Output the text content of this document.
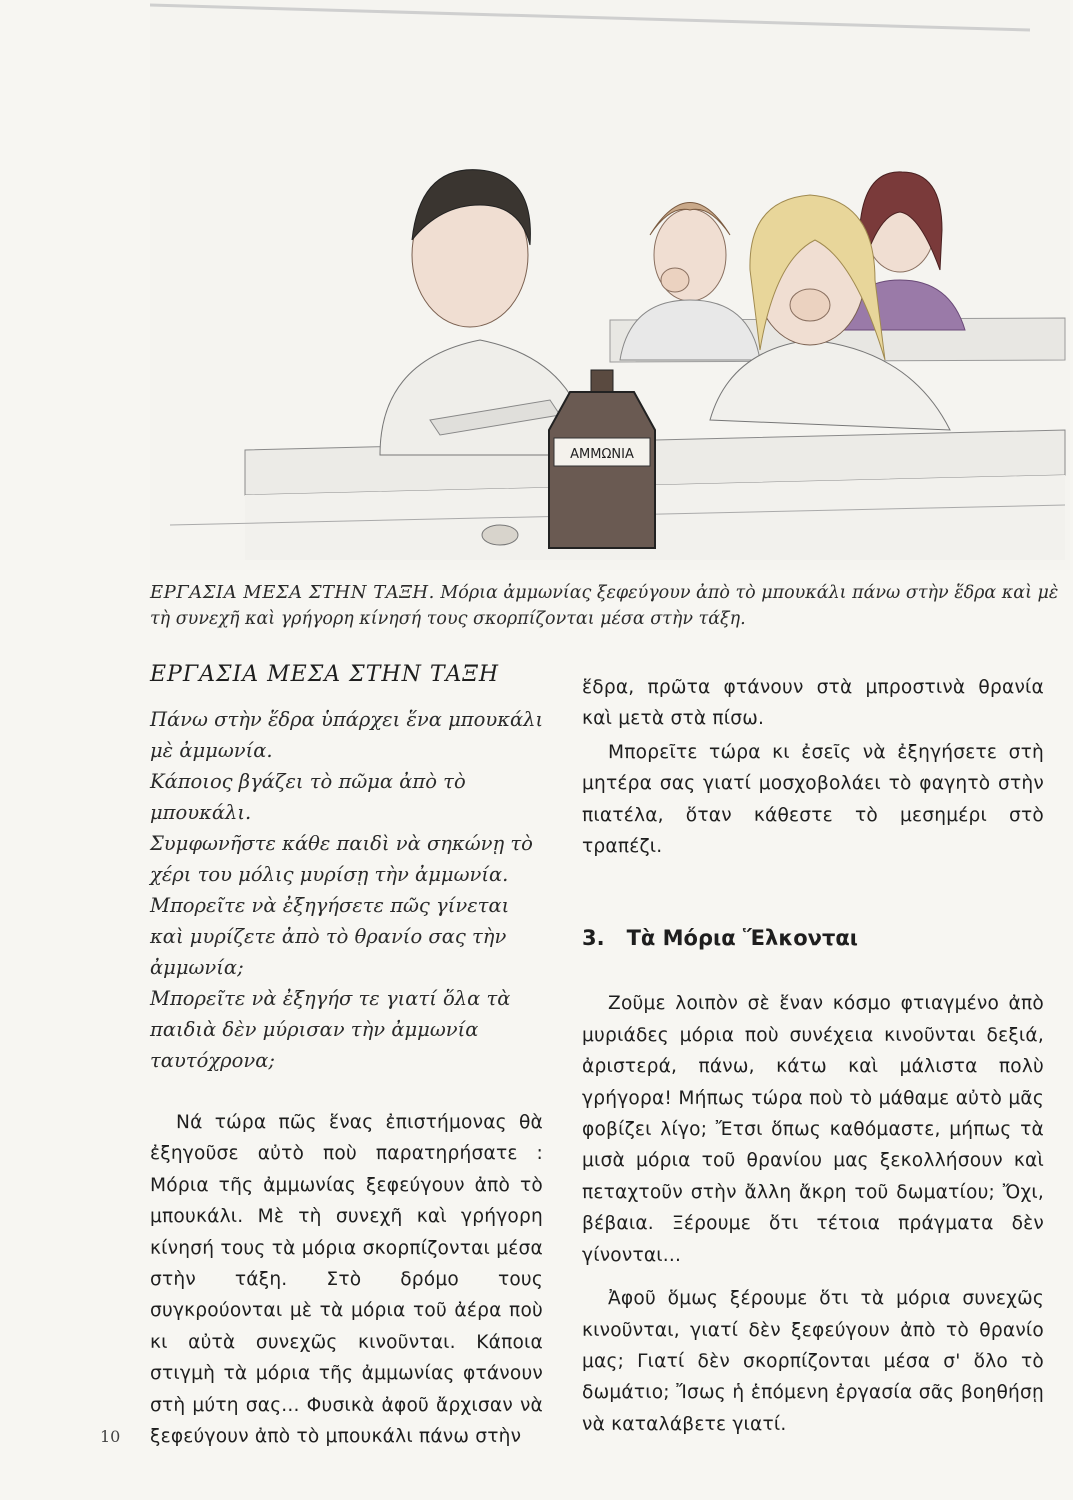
ΑΜΜΩΝΙΑ
ΕΡΓΑΣΙΑ ΜΕΣΑ ΣΤΗΝ ΤΑΞΗ. Μόρια ἀμμωνίας ξεφεύγουν ἀπὸ τὸ μπουκάλι πάνω στὴν ἕδρα καὶ μὲ τὴ συνεχῆ καὶ γρήγορη κίνησή τους σκορπίζονται μέσα στὴν τάξη.
ΕΡΓΑΣΙΑ ΜΕΣΑ ΣΤΗΝ ΤΑΞΗ

Πάνω στὴν ἕδρα ὑπάρχει ἕνα μπουκάλι

μὲ ἀμμωνία.

Κάποιος βγάζει τὸ πῶμα ἀπὸ τὸ

μπουκάλι.

Συμφωνῆστε κάθε παιδὶ νὰ σηκώνῃ τὸ

χέρι του μόλις μυρίσῃ τὴν ἀμμωνία.

Μπορεῖτε νὰ ἐξηγήσετε πῶς γίνεται

καὶ μυρίζετε ἀπὸ τὸ θρανίο σας τὴν

ἀμμωνία;

Μπορεῖτε νὰ ἐξηγήσ τε γιατί ὅλα τὰ

παιδιὰ δὲν μύρισαν τὴν ἀμμωνία

ταυτόχρονα;

Νά τώρα πῶς ἕνας ἐπιστήμονας θὰ ἐξηγοῦσε αὐτὸ ποὺ παρατηρήσατε : Μόρια τῆς ἀμμωνίας ξεφεύγουν ἀπὸ τὸ μπουκάλι. Μὲ τὴ συνεχῆ καὶ γρήγορη κίνησή τους τὰ μόρια σκορπίζονται μέσα στὴν τάξη. Στὸ δρόμο τους συγκρούονται μὲ τὰ μόρια τοῦ ἀέρα ποὺ κι αὐτὰ συνεχῶς κινοῦνται. Κάποια στιγμὴ τὰ μόρια τῆς ἀμμωνίας φτάνουν στὴ μύτη σας... Φυσικὰ ἀφοῦ ἄρχισαν νὰ ξεφεύγουν ἀπὸ τὸ μπουκάλι πάνω στὴν

ἕδρα, πρῶτα φτάνουν στὰ μπροστινὰ θρανία καὶ μετὰ στὰ πίσω.

Μπορεῖτε τώρα κι ἐσεῖς νὰ ἐξηγήσετε στὴ μητέρα σας γιατί μοσχοβολάει τὸ φαγητὸ στὴν πιατέλα, ὅταν κάθεστε τὸ μεσημέρι στὸ τραπέζι.

3. Τὰ Μόρια Ἕλκονται

Ζοῦμε λοιπὸν σὲ ἕναν κόσμο φτιαγμένο ἀπὸ μυριάδες μόρια ποὺ συνέχεια κινοῦνται δεξιά, ἀριστερά, πάνω, κάτω καὶ μάλιστα πολὺ γρήγορα! Μήπως τώρα ποὺ τὸ μάθαμε αὐτὸ μᾶς φοβίζει λίγο; Ἔτσι ὅπως καθόμαστε, μήπως τὰ μισὰ μόρια τοῦ θρανίου μας ξεκολλήσουν καὶ πεταχτοῦν στὴν ἄλλη ἄκρη τοῦ δωματίου; Ὄχι, βέβαια. Ξέρουμε ὅτι τέτοια πράγματα δὲν γίνονται...

Ἀφοῦ ὅμως ξέρουμε ὅτι τὰ μόρια συνεχῶς κινοῦνται, γιατί δὲν ξεφεύγουν ἀπὸ τὸ θρανίο μας; Γιατί δὲν σκορπίζονται μέσα σ' ὅλο τὸ δωμάτιο; Ἴσως ἡ ἑπόμενη ἐργασία σᾶς βοηθήσῃ νὰ καταλάβετε γιατί.

10
